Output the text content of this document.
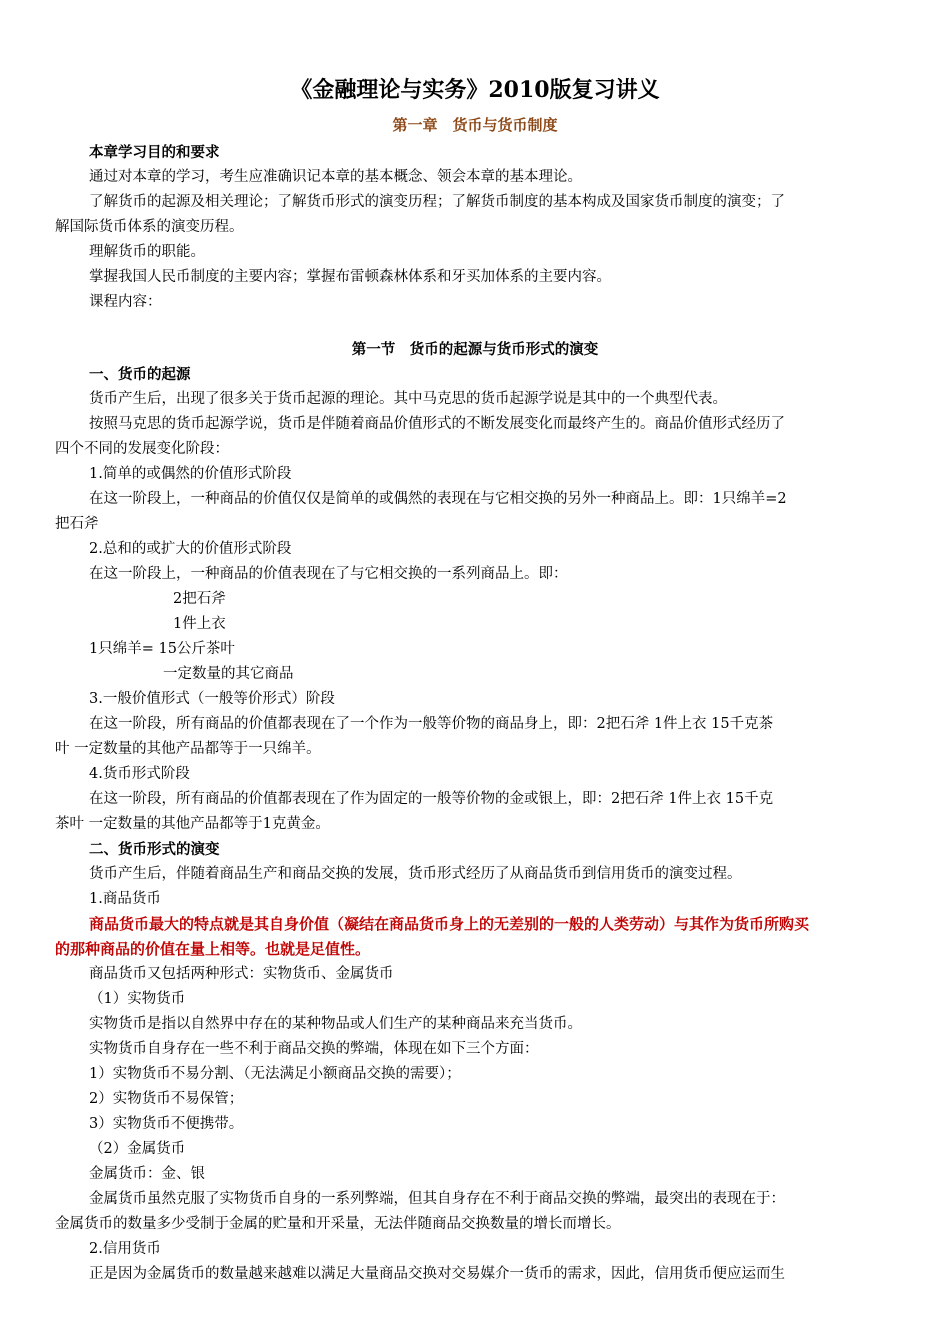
《金融理论与实务》2010版复习讲义
第一章　货币与货币制度
本章学习目的和要求
通过对本章的学习，考生应准确识记本章的基本概念、领会本章的基本理论。
了解货币的起源及相关理论；了解货币形式的演变历程；了解货币制度的基本构成及国家货币制度的演变；了
解国际货币体系的演变历程。
理解货币的职能。
掌握我国人民币制度的主要内容；掌握布雷顿森林体系和牙买加体系的主要内容。
课程内容：
第一节　货币的起源与货币形式的演变
一、货币的起源
货币产生后，出现了很多关于货币起源的理论。其中马克思的货币起源学说是其中的一个典型代表。
按照马克思的货币起源学说，货币是伴随着商品价值形式的不断发展变化而最终产生的。商品价值形式经历了
四个不同的发展变化阶段：
1.简单的或偶然的价值形式阶段
在这一阶段上，一种商品的价值仅仅是简单的或偶然的表现在与它相交换的另外一种商品上。即：1只绵羊=2
把石斧
2.总和的或扩大的价值形式阶段
在这一阶段上，一种商品的价值表现在了与它相交换的一系列商品上。即：
2把石斧
1件上衣
1只绵羊= 15公斤茶叶
一定数量的其它商品
3.一般价值形式（一般等价形式）阶段
在这一阶段，所有商品的价值都表现在了一个作为一般等价物的商品身上，即：2把石斧 1件上衣 15千克茶
叶 一定数量的其他产品都等于一只绵羊。
4.货币形式阶段
在这一阶段，所有商品的价值都表现在了作为固定的一般等价物的金或银上，即：2把石斧 1件上衣 15千克
茶叶 一定数量的其他产品都等于1克黄金。
二、货币形式的演变
货币产生后，伴随着商品生产和商品交换的发展，货币形式经历了从商品货币到信用货币的演变过程。
1.商品货币
商品货币最大的特点就是其自身价值（凝结在商品货币身上的无差别的一般的人类劳动）与其作为货币所购买
的那种商品的价值在量上相等。也就是足值性。
商品货币又包括两种形式：实物货币、金属货币
（1）实物货币
实物货币是指以自然界中存在的某种物品或人们生产的某种商品来充当货币。
实物货币自身存在一些不利于商品交换的弊端，体现在如下三个方面：
1）实物货币不易分割、（无法满足小额商品交换的需要）；
2）实物货币不易保管；
3）实物货币不便携带。
（2）金属货币
金属货币：金、银
金属货币虽然克服了实物货币自身的一系列弊端，但其自身存在不利于商品交换的弊端，最突出的表现在于：
金属货币的数量多少受制于金属的贮量和开采量，无法伴随商品交换数量的增长而增长。
2.信用货币
正是因为金属货币的数量越来越难以满足大量商品交换对交易媒介一货币的需求，因此，信用货币便应运而生
